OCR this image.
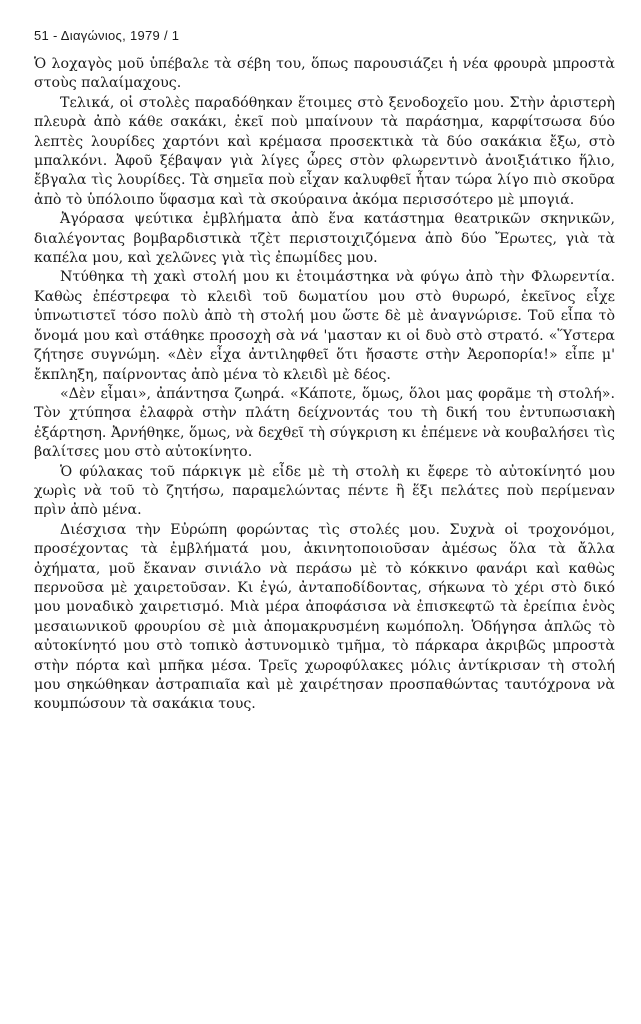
51 - Διαγώνιος, 1979 / 1

Ὁ λοχαγὸς μοῦ ὑπέβαλε τὰ σέβη του, ὅπως παρουσιάζει ἡ νέα φρουρὰ μπροστὰ στοὺς παλαίμαχους.

Τελικά, οἱ στολὲς παραδόθηκαν ἕτοιμες στὸ ξενοδοχεῖο μου. Στὴν ἀριστερὴ πλευρὰ ἀπὸ κάθε σακάκι, ἐκεῖ ποὺ μπαίνουν τὰ παράσημα, καρφίτσωσα δύο λεπτὲς λουρίδες χαρτόνι καὶ κρέμασα προσεκτικὰ τὰ δύο σακάκια ἔξω, στὸ μπαλκόνι. Ἀφοῦ ξέβαψαν γιὰ λίγες ὧρες στὸν φλωρεντινὸ ἀνοιξιάτικο ἥλιο, ἔβγαλα τὶς λουρίδες. Τὰ σημεῖα ποὺ εἶχαν καλυφθεῖ ἦταν τώρα λίγο πιὸ σκοῦρα ἀπὸ τὸ ὑπόλοιπο ὕφασμα καὶ τὰ σκούραινα ἀκόμα περισσότερο μὲ μπογιά.

Ἀγόρασα ψεύτικα ἐμβλήματα ἀπὸ ἕνα κατάστημα θεατρικῶν σκηνικῶν, διαλέγοντας βομβαρδιστικὰ τζὲτ περιστοιχιζόμενα ἀπὸ δύο Ἔρωτες, γιὰ τὰ καπέλα μου, καὶ χελῶνες γιὰ τὶς ἐπωμίδες μου.

Ντύθηκα τὴ χακὶ στολή μου κι ἑτοιμάστηκα νὰ φύγω ἀπὸ τὴν Φλωρεντία. Καθὼς ἐπέστρεφα τὸ κλειδὶ τοῦ δωματίου μου στὸ θυρωρό, ἐκεῖνος εἶχε ὑπνωτιστεῖ τόσο πολὺ ἀπὸ τὴ στολή μου ὥστε δὲ μὲ ἀναγνώρισε. Τοῦ εἶπα τὸ ὄνομά μου καὶ στάθηκε προσοχὴ σὰ νά 'μασταν κι οἱ δυὸ στὸ στρατό. «Ὕστερα ζήτησε συγνώμη. «Δὲν εἶχα ἀντιληφθεῖ ὅτι ἤσαστε στὴν Ἀεροπορία!» εἶπε μ' ἔκπληξη, παίρνοντας ἀπὸ μένα τὸ κλειδὶ μὲ δέος.

«Δὲν εἶμαι», ἀπάντησα ζωηρά. «Κάποτε, ὅμως, ὅλοι μας φορᾶμε τὴ στολή». Τὸν χτύπησα ἐλαφρὰ στὴν πλάτη δείχνοντάς του τὴ δική του ἐντυπωσιακὴ ἐξάρτηση. Ἀρνήθηκε, ὅμως, νὰ δεχθεῖ τὴ σύγκριση κι ἐπέμενε νὰ κουβαλήσει τὶς βαλίτσες μου στὸ αὐτοκίνητο.

Ὁ φύλακας τοῦ πάρκιγκ μὲ εἶδε μὲ τὴ στολὴ κι ἔφερε τὸ αὐτοκίνητό μου χωρὶς νὰ τοῦ τὸ ζητήσω, παραμελώντας πέντε ἢ ἕξι πελάτες ποὺ περίμεναν πρὶν ἀπὸ μένα.

Διέσχισα τὴν Εὐρώπη φορώντας τὶς στολές μου. Συχνὰ οἱ τροχονόμοι, προσέχοντας τὰ ἐμβλήματά μου, ἀκινητοποιοῦσαν ἀμέσως ὅλα τὰ ἄλλα ὀχήματα, μοῦ ἔκαναν σινιάλο νὰ περάσω μὲ τὸ κόκκινο φανάρι καὶ καθὼς περνοῦσα μὲ χαιρετοῦσαν. Κι ἐγώ, ἀνταποδίδοντας, σήκωνα τὸ χέρι στὸ δικό μου μοναδικὸ χαιρετισμό. Μιὰ μέρα ἀποφάσισα νὰ ἐπισκεφτῶ τὰ ἐρείπια ἑνὸς μεσαιωνικοῦ φρουρίου σὲ μιὰ ἀπομακρυσμένη κωμόπολη. Ὁδήγησα ἁπλῶς τὸ αὐτοκίνητό μου στὸ τοπικὸ ἀστυνομικὸ τμῆμα, τὸ πάρκαρα ἀκριβῶς μπροστὰ στὴν πόρτα καὶ μπῆκα μέσα. Τρεῖς χωροφύλακες μόλις ἀντίκρισαν τὴ στολή μου σηκώθηκαν ἀστραπιαῖα καὶ μὲ χαιρέτησαν προσπαθώντας ταυτόχρονα νὰ κουμπώσουν τὰ σακάκια τους.
